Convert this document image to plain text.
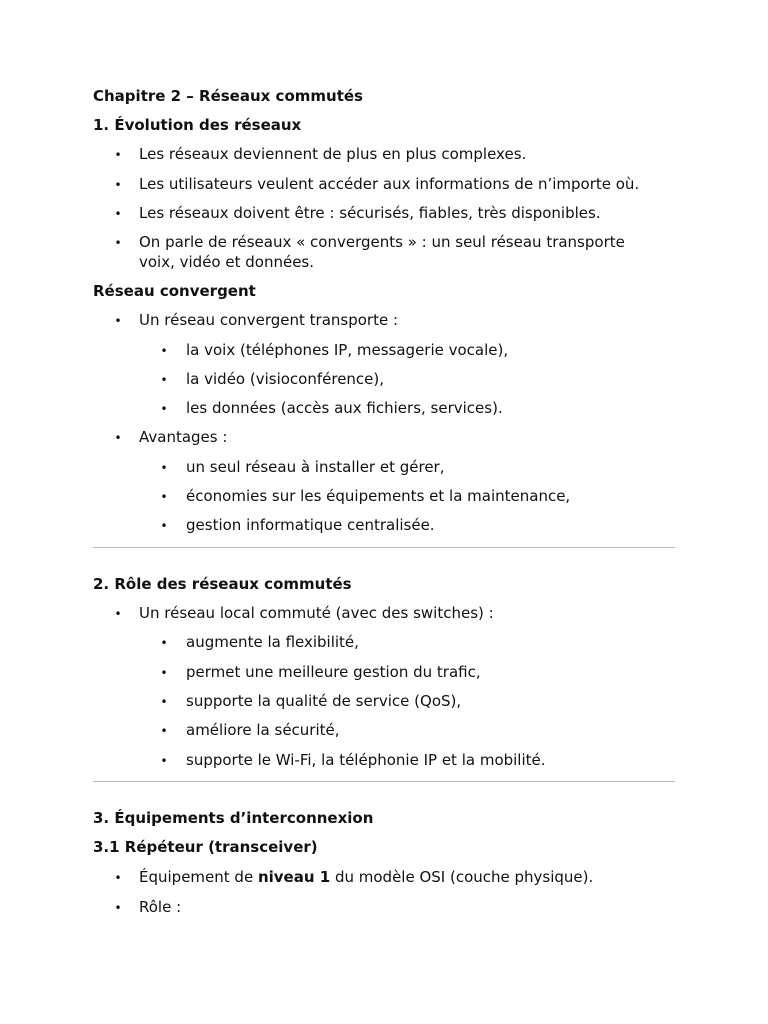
Chapitre 2 – Réseaux commutés
1. Évolution des réseaux
• Les réseaux deviennent de plus en plus complexes.
• Les utilisateurs veulent accéder aux informations de n’importe où.
• Les réseaux doivent être : sécurisés, fiables, très disponibles.
• On parle de réseaux « convergents » : un seul réseau transporte
voix, vidéo et données.
Réseau convergent
• Un réseau convergent transporte :
• la voix (téléphones IP, messagerie vocale),
• la vidéo (visioconférence),
• les données (accès aux fichiers, services).
• Avantages :
• un seul réseau à installer et gérer,
• économies sur les équipements et la maintenance,
• gestion informatique centralisée.
2. Rôle des réseaux commutés
• Un réseau local commuté (avec des switches) :
• augmente la flexibilité,
• permet une meilleure gestion du trafic,
• supporte la qualité de service (QoS),
• améliore la sécurité,
• supporte le Wi-Fi, la téléphonie IP et la mobilité.
3. Équipements d’interconnexion
3.1 Répéteur (transceiver)
• Équipement de niveau 1 du modèle OSI (couche physique).
• Rôle :
